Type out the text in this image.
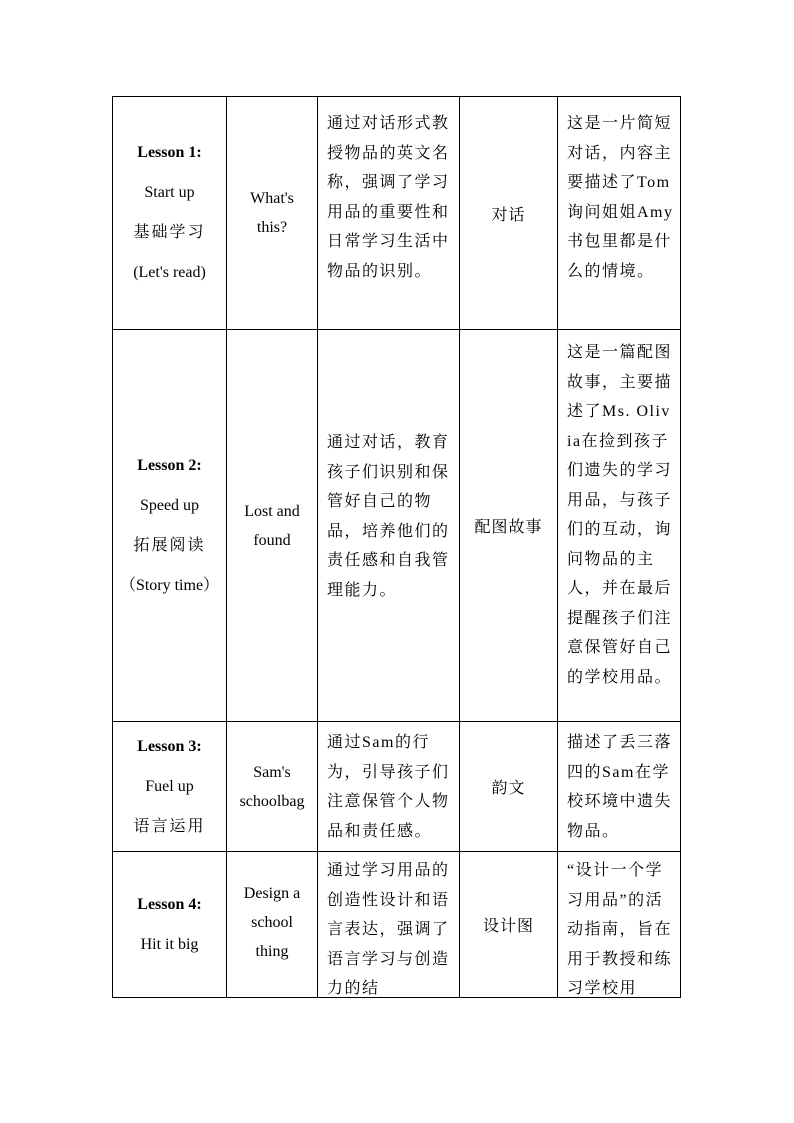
Lesson 1:
Start up
基础学习
(Let's read)	What's
this?	通过对话形式教授物品的英文名称，强调了学习用品的重要性和日常学习生活中物品的识别。	对话	这是一片简短对话，内容主要描述了Tom询问姐姐Amy书包里都是什么的情境。

Lesson 2:
Speed up
拓展阅读
（Story time）	Lost and
found	通过对话，教育孩子们识别和保管好自己的物品，培养他们的责任感和自我管理能力。	配图故事	这是一篇配图故事，主要描述了Ms. Olivia在捡到孩子们遗失的学习用品，与孩子们的互动，询问物品的主人，并在最后提醒孩子们注意保管好自己的学校用品。

Lesson 3:
Fuel up
语言运用	Sam's
schoolbag	通过Sam的行为，引导孩子们注意保管个人物品和责任感。	韵文	描述了丢三落四的Sam在学校环境中遗失物品。

Lesson 4:
Hit it big	Design a
school
thing	通过学习用品的创造性设计和语言表达，强调了语言学习与创造力的结	设计图	“设计一个学习用品”的活动指南，旨在用于教授和练习学校用
